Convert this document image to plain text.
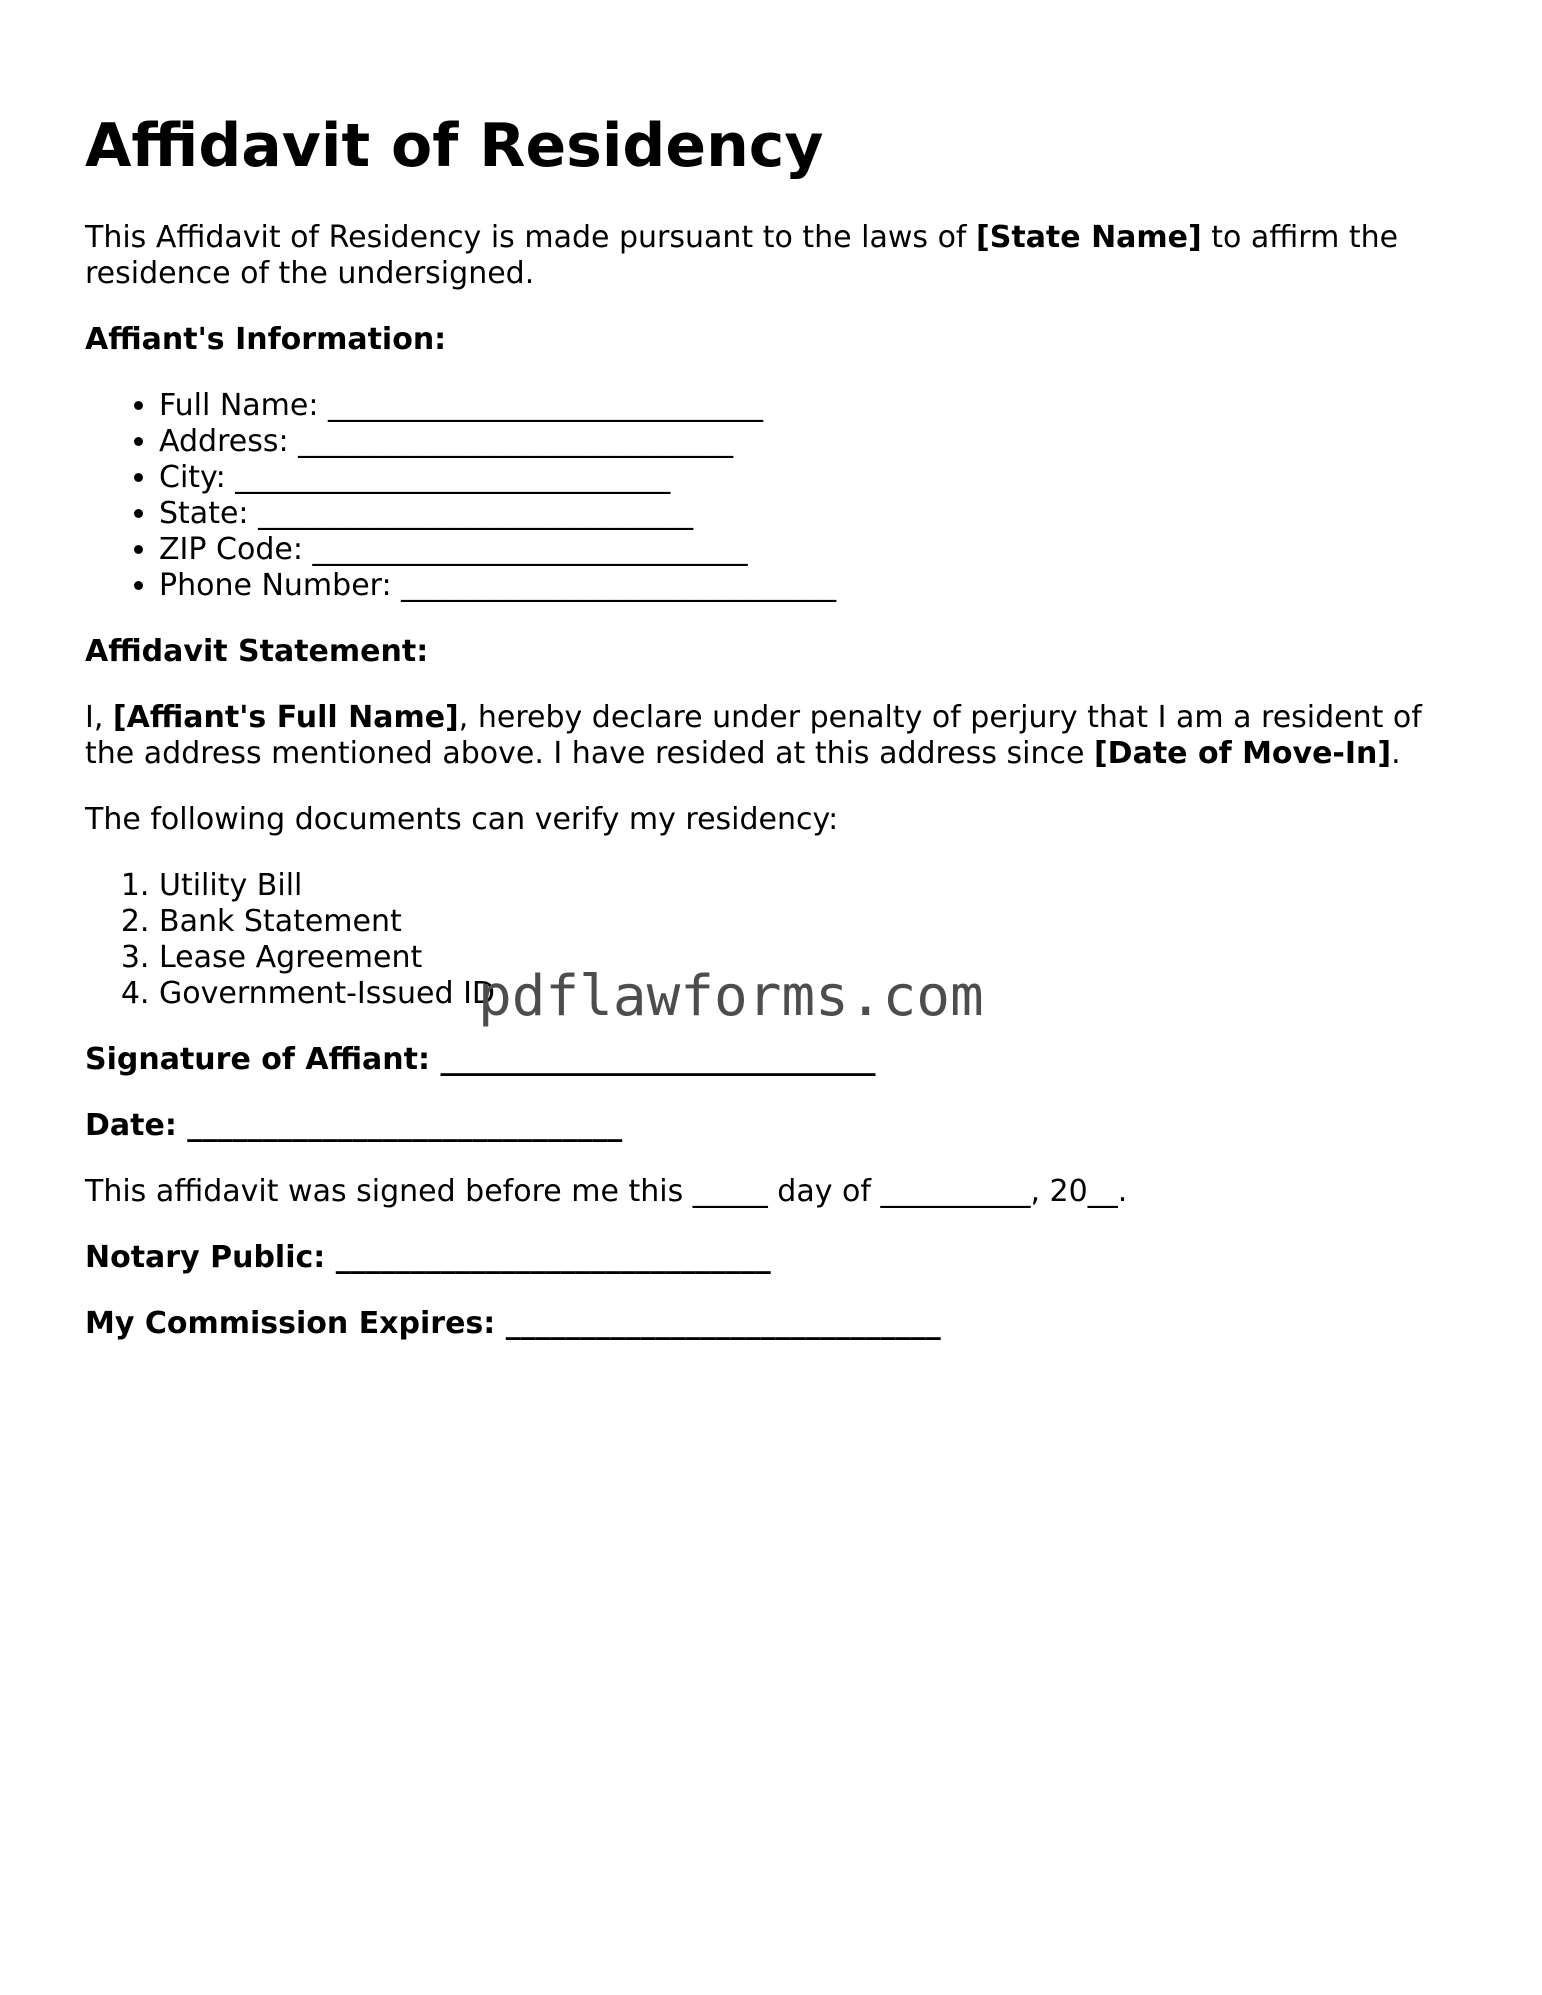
Affidavit of Residency

This Affidavit of Residency is made pursuant to the laws of [State Name] to affirm the residence of the undersigned.

Affiant's Information:

• Full Name: _____________________________
• Address: _____________________________
• City: _____________________________
• State: _____________________________
• ZIP Code: _____________________________
• Phone Number: _____________________________

Affidavit Statement:

I, [Affiant's Full Name], hereby declare under penalty of perjury that I am a resident of the address mentioned above. I have resided at this address since [Date of Move-In].

The following documents can verify my residency:

1. Utility Bill
2. Bank Statement
3. Lease Agreement
4. Government-Issued ID

Signature of Affiant: _____________________________

Date: _____________________________

This affidavit was signed before me this _____ day of __________, 20__.

Notary Public: _____________________________

My Commission Expires: _____________________________

pdflawforms.com
